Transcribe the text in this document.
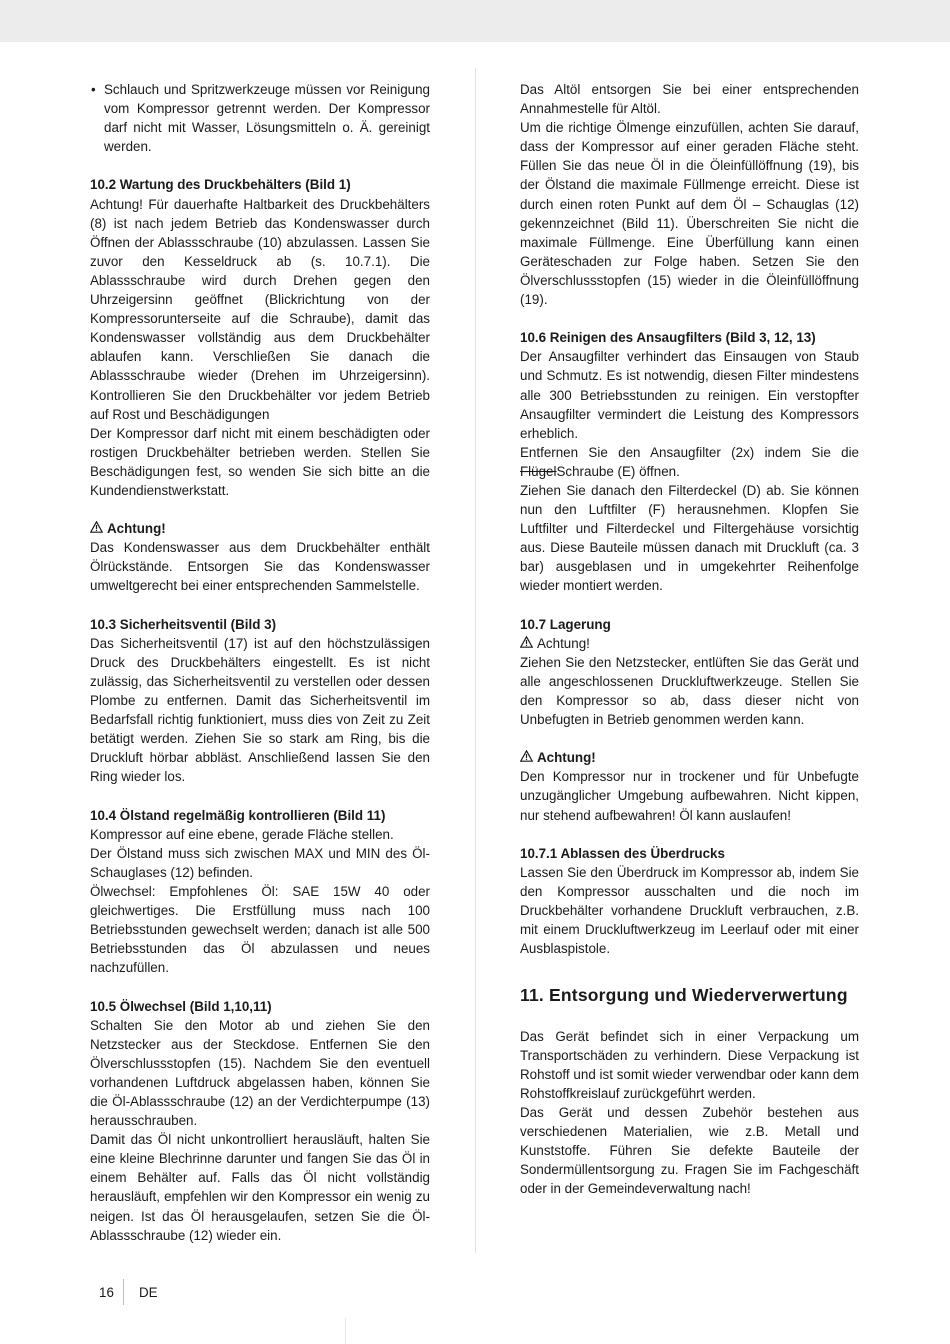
• Schlauch und Spritzwerkzeuge müssen vor Reinigung vom Kompressor getrennt werden. Der Kompressor darf nicht mit Wasser, Lösungsmitteln o. Ä. gereinigt werden.

10.2 Wartung des Druckbehälters (Bild 1)

Achtung! Für dauerhafte Haltbarkeit des Druckbehälters (8) ist nach jedem Betrieb das Kondenswasser durch Öffnen der Ablassschraube (10) abzulassen. Lassen Sie zuvor den Kesseldruck ab (s. 10.7.1). Die Ablassschraube wird durch Drehen gegen den Uhrzeigersinn geöffnet (Blickrichtung von der Kompressorunterseite auf die Schraube), damit das Kondenswasser vollständig aus dem Druckbehälter ablaufen kann. Verschließen Sie danach die Ablassschraube wieder (Drehen im Uhrzeigersinn). Kontrollieren Sie den Druckbehälter vor jedem Betrieb auf Rost und Beschädigungen

Der Kompressor darf nicht mit einem beschädigten oder rostigen Druckbehälter betrieben werden. Stellen Sie Beschädigungen fest, so wenden Sie sich bitte an die Kundendienstwerkstatt.

Achtung!

Das Kondenswasser aus dem Druckbehälter enthält Ölrückstände. Entsorgen Sie das Kondenswasser umweltgerecht bei einer entsprechenden Sammelstelle.

10.3 Sicherheitsventil (Bild 3)

Das Sicherheitsventil (17) ist auf den höchstzulässigen Druck des Druckbehälters eingestellt. Es ist nicht zulässig, das Sicherheitsventil zu verstellen oder dessen Plombe zu entfernen. Damit das Sicherheitsventil im Bedarfsfall richtig funktioniert, muss dies von Zeit zu Zeit betätigt werden. Ziehen Sie so stark am Ring, bis die Druckluft hörbar abbläst. Anschließend lassen Sie den Ring wieder los.

10.4 Ölstand regelmäßig kontrollieren (Bild 11)

Kompressor auf eine ebene, gerade Fläche stellen.

Der Ölstand muss sich zwischen MAX und MIN des Öl-Schauglases (12) befinden.

Ölwechsel: Empfohlenes Öl: SAE 15W 40 oder gleichwertiges. Die Erstfüllung muss nach 100 Betriebsstunden gewechselt werden; danach ist alle 500 Betriebsstunden das Öl abzulassen und neues nachzufüllen.

10.5 Ölwechsel (Bild 1,10,11)

Schalten Sie den Motor ab und ziehen Sie den Netzstecker aus der Steckdose. Entfernen Sie den Ölverschlussstopfen (15). Nachdem Sie den eventuell vorhandenen Luftdruck abgelassen haben, können Sie die Öl-Ablassschraube (12) an der Verdichterpumpe (13) herausschrauben.

Damit das Öl nicht unkontrolliert herausläuft, halten Sie eine kleine Blechrinne darunter und fangen Sie das Öl in einem Behälter auf. Falls das Öl nicht vollständig herausläuft, empfehlen wir den Kompressor ein wenig zu neigen. Ist das Öl herausgelaufen, setzen Sie die Öl-Ablassschraube (12) wieder ein.

Das Altöl entsorgen Sie bei einer entsprechenden Annahmestelle für Altöl.

Um die richtige Ölmenge einzufüllen, achten Sie darauf, dass der Kompressor auf einer geraden Fläche steht. Füllen Sie das neue Öl in die Öleinfüllöffnung (19), bis der Ölstand die maximale Füllmenge erreicht. Diese ist durch einen roten Punkt auf dem Öl – Schauglas (12) gekennzeichnet (Bild 11). Überschreiten Sie nicht die maximale Füllmenge. Eine Überfüllung kann einen Geräteschaden zur Folge haben. Setzen Sie den Ölverschlussstopfen (15) wieder in die Öleinfüllöffnung (19).

10.6 Reinigen des Ansaugfilters (Bild 3, 12, 13)

Der Ansaugfilter verhindert das Einsaugen von Staub und Schmutz. Es ist notwendig, diesen Filter mindestens alle 300 Betriebsstunden zu reinigen. Ein verstopfter Ansaugfilter vermindert die Leistung des Kompressors erheblich.

Entfernen Sie den Ansaugfilter (2x) indem Sie die FlügelSchraube (E) öffnen.

Ziehen Sie danach den Filterdeckel (D) ab. Sie können nun den Luftfilter (F) herausnehmen. Klopfen Sie Luftfilter und Filterdeckel und Filtergehäuse vorsichtig aus. Diese Bauteile müssen danach mit Druckluft (ca. 3 bar) ausgeblasen und in umgekehrter Reihenfolge wieder montiert werden.

10.7 Lagerung

Achtung!

Ziehen Sie den Netzstecker, entlüften Sie das Gerät und alle angeschlossenen Druckluftwerkzeuge. Stellen Sie den Kompressor so ab, dass dieser nicht von Unbefugten in Betrieb genommen werden kann.

Achtung!

Den Kompressor nur in trockener und für Unbefugte unzugänglicher Umgebung aufbewahren. Nicht kippen, nur stehend aufbewahren! Öl kann auslaufen!

10.7.1 Ablassen des Überdrucks

Lassen Sie den Überdruck im Kompressor ab, indem Sie den Kompressor ausschalten und die noch im Druckbehälter vorhandene Druckluft verbrauchen, z.B. mit einem Druckluftwerkzeug im Leerlauf oder mit einer Ausblaspistole.

11. Entsorgung und Wiederverwertung

Das Gerät befindet sich in einer Verpackung um Transportschäden zu verhindern. Diese Verpackung ist Rohstoff und ist somit wieder verwendbar oder kann dem Rohstoffkreislauf zurückgeführt werden.

Das Gerät und dessen Zubehör bestehen aus verschiedenen Materialien, wie z.B. Metall und Kunststoffe. Führen Sie defekte Bauteile der Sondermüllentsorgung zu. Fragen Sie im Fachgeschäft oder in der Gemeindeverwaltung nach!

16 DE
